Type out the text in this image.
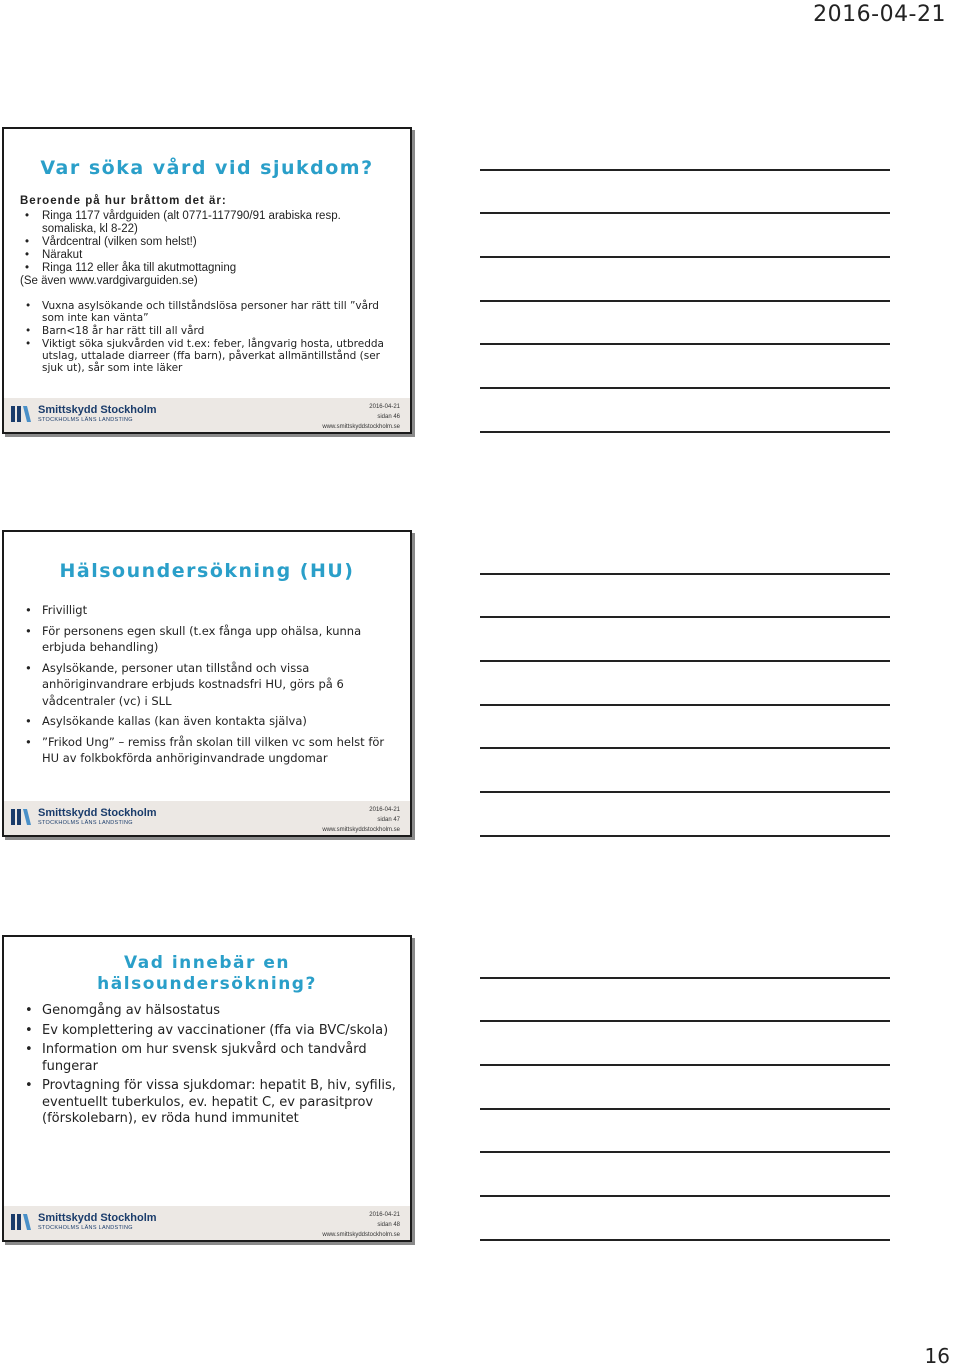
2016-04-21
Var söka vård vid sjukdom?
Beroende på hur bråttom det är:
• Ringa 1177 vårdguiden (alt 0771-117790/91 arabiska resp. somaliska, kl 8-22)
• Vårdcentral (vilken som helst!)
• Närakut
• Ringa 112 eller åka till akutmottagning
(Se även www.vardgivarguiden.se)
• Vuxna asylsökande och tillståndslösa personer har rätt till ”vård som inte kan vänta”
• Barn<18 år har rätt till all vård
• Viktigt söka sjukvården vid t.ex: feber, långvarig hosta, utbredda utslag, uttalade diarreer (ffa barn), påverkat allmäntillstånd (ser sjuk ut), sår som inte läker
Smittskydd Stockholm
STOCKHOLMS LÄNS LANDSTING
2016-04-21
sidan 46
www.smittskyddstockholm.se
Hälsoundersökning (HU)
• Frivilligt
• För personens egen skull (t.ex fånga upp ohälsa, kunna erbjuda behandling)
• Asylsökande, personer utan tillstånd och vissa anhöriginvandrare erbjuds kostnadsfri HU, görs på 6 vådcentraler (vc) i SLL
• Asylsökande kallas (kan även kontakta själva)
• ”Frikod Ung” – remiss från skolan till vilken vc som helst för HU av folkbokförda anhöriginvandrade ungdomar
Smittskydd Stockholm
STOCKHOLMS LÄNS LANDSTING
2016-04-21
sidan 47
www.smittskyddstockholm.se
Vad innebär en
hälsoundersökning?
• Genomgång av hälsostatus
• Ev komplettering av vaccinationer (ffa via BVC/skola)
• Information om hur svensk sjukvård och tandvård fungerar
• Provtagning för vissa sjukdomar: hepatit B, hiv, syfilis, eventuellt tuberkulos, ev. hepatit C, ev parasitprov (förskolebarn), ev röda hund immunitet
Smittskydd Stockholm
STOCKHOLMS LÄNS LANDSTING
2016-04-21
sidan 48
www.smittskyddstockholm.se
16
